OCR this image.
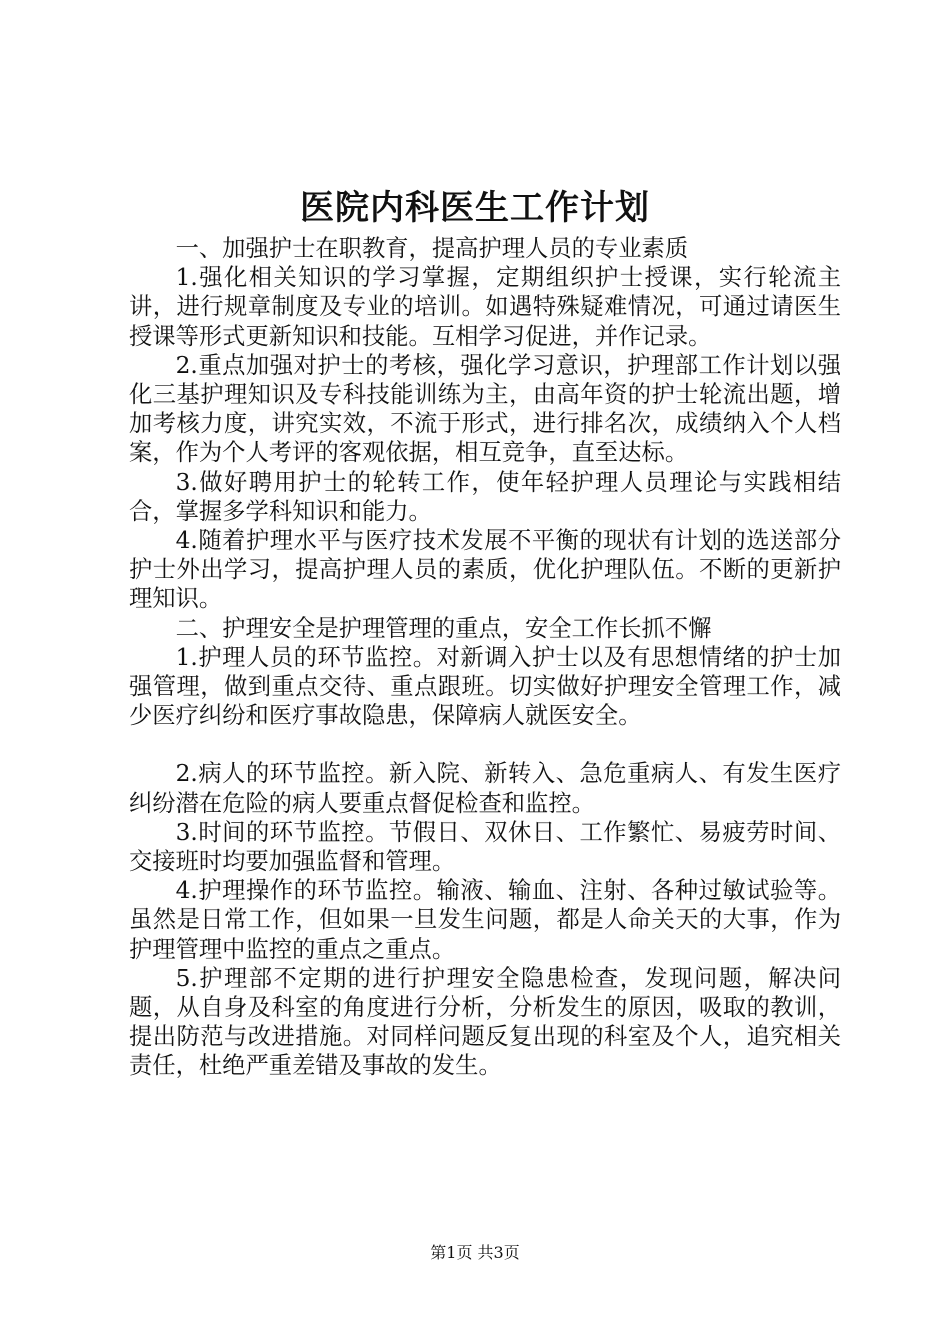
医院内科医生工作计划

一、加强护士在职教育，提高护理人员的专业素质

1.强化相关知识的学习掌握，定期组织护士授课，实行轮流主讲，进行规章制度及专业的培训。如遇特殊疑难情况，可通过请医生授课等形式更新知识和技能。互相学习促进，并作记录。

2.重点加强对护士的考核，强化学习意识，护理部工作计划以强化三基护理知识及专科技能训练为主，由高年资的护士轮流出题，增加考核力度，讲究实效，不流于形式，进行排名次，成绩纳入个人档案，作为个人考评的客观依据，相互竞争，直至达标。

3.做好聘用护士的轮转工作，使年轻护理人员理论与实践相结合，掌握多学科知识和能力。

4.随着护理水平与医疗技术发展不平衡的现状有计划的选送部分护士外出学习，提高护理人员的素质，优化护理队伍。不断的更新护理知识。

二、护理安全是护理管理的重点，安全工作长抓不懈

1.护理人员的环节监控。对新调入护士以及有思想情绪的护士加强管理，做到重点交待、重点跟班。切实做好护理安全管理工作，减少医疗纠纷和医疗事故隐患，保障病人就医安全。

2.病人的环节监控。新入院、新转入、急危重病人、有发生医疗纠纷潜在危险的病人要重点督促检查和监控。

3.时间的环节监控。节假日、双休日、工作繁忙、易疲劳时间、交接班时均要加强监督和管理。

4.护理操作的环节监控。输液、输血、注射、各种过敏试验等。虽然是日常工作，但如果一旦发生问题，都是人命关天的大事，作为护理管理中监控的重点之重点。

5.护理部不定期的进行护理安全隐患检查，发现问题，解决问题，从自身及科室的角度进行分析，分析发生的原因，吸取的教训，提出防范与改进措施。对同样问题反复出现的科室及个人，追究相关责任，杜绝严重差错及事故的发生。

第1页 共3页
